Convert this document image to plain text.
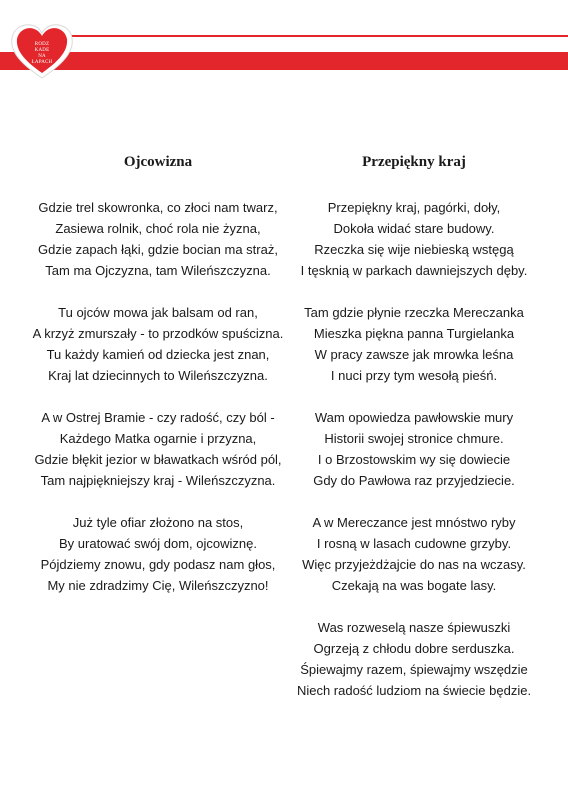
RODZ
KADE
NA
ŁAPACH
Ojcowizna
Gdzie trel skowronka, co złoci nam twarz,
Zasiewa rolnik, choć rola nie żyzna,
Gdzie zapach łąki, gdzie bocian ma straż,
Tam ma Ojczyzna, tam Wileńszczyzna.
Tu ojców mowa jak balsam od ran,
A krzyż zmurszały - to przodków spuścizna.
Tu każdy kamień od dziecka jest znan,
Kraj lat dziecinnych to Wileńszczyzna.
A w Ostrej Bramie - czy radość, czy ból -
Każdego Matka ogarnie i przyzna,
Gdzie błękit jezior w bławatkach wśród pól,
Tam najpiękniejszy kraj - Wileńszczyzna.
Już tyle ofiar złożono na stos,
By uratować swój dom, ojcowiznę.
Pójdziemy znowu, gdy podasz nam głos,
My nie zdradzimy Cię, Wileńszczyzno!
Przepiękny kraj
Przepiękny kraj, pagórki, doły,
Dokoła widać stare budowy.
Rzeczka się wije niebieską wstęgą
I tęsknią w parkach dawniejszych dęby.
Tam gdzie płynie rzeczka Mereczanka
Mieszka piękna panna Turgielanka
W pracy zawsze jak mrowka leśna
I nuci przy tym wesołą pieśń.
Wam opowiedza pawłowskie mury
Historii swojej stronice chmure.
I o Brzostowskim wy się dowiecie
Gdy do Pawłowa raz przyjedziecie.
A w Mereczance jest mnóstwo ryby
I rosną w lasach cudowne grzyby.
Więc przyjeżdżajcie do nas na wczasy.
Czekają na was bogate lasy.
Was rozweselą nasze śpiewuszki
Ogrzeją z chłodu dobre serduszka.
Śpiewajmy razem, śpiewajmy wszędzie
Niech radość ludziom na świecie będzie.
